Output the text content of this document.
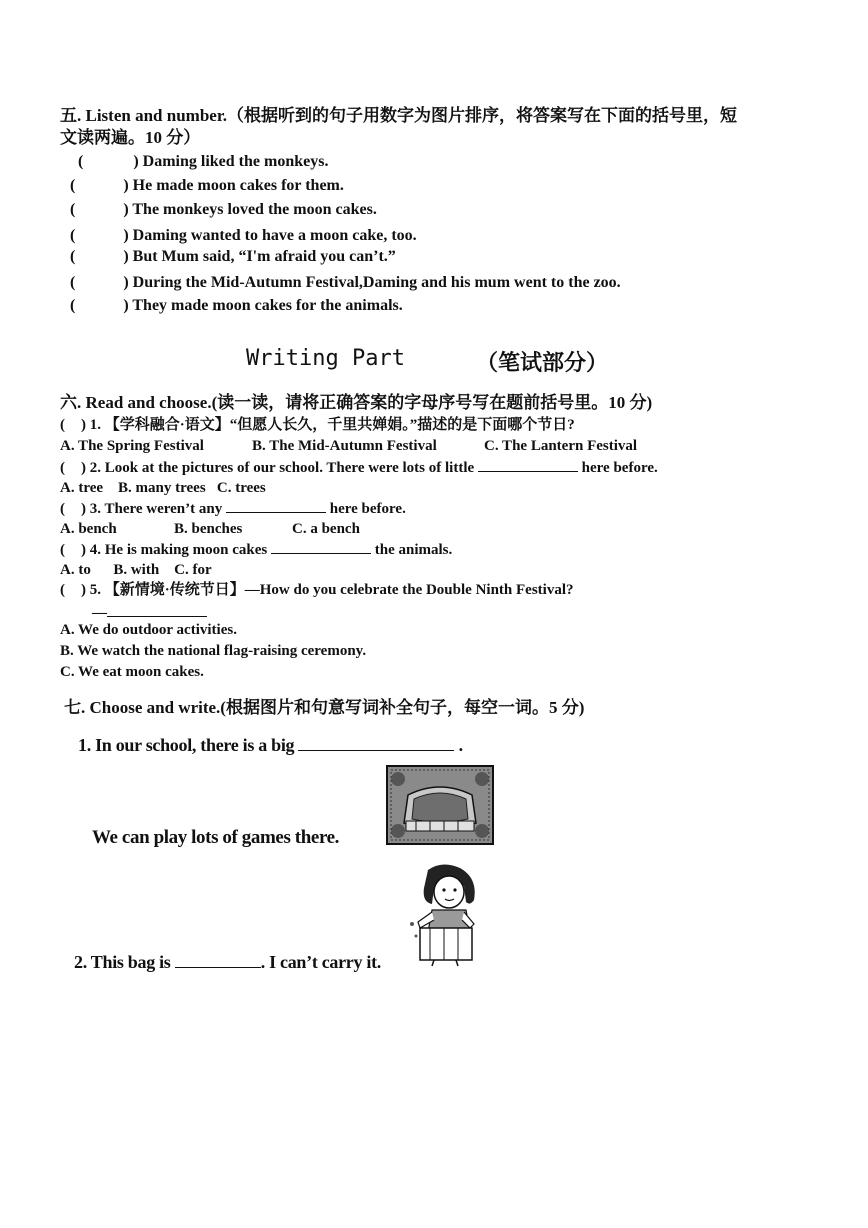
五. Listen and number.（根据听到的句子用数字为图片排序，将答案写在下面的括号里，短
文读两遍。10 分）
(	) Daming liked the monkeys.
(	) He made moon cakes for them.
(	) The monkeys loved the moon cakes.
(	) Daming wanted to have a moon cake, too.
(	) But Mum said, “I'm afraid you can’t.”
(	) During the Mid-Autumn Festival,Daming and his mum went to the zoo.
(	) They made moon cakes for the animals.
Writing Part	（笔试部分）
六. Read and choose.(读一读，请将正确答案的字母序号写在题前括号里。10 分)
( ) 1. 【学科融合·语文】“但愿人长久，千里共婵娟。”描述的是下面哪个节日?
A. The Spring Festival	B. The Mid-Autumn Festival	C. The Lantern Festival
( ) 2. Look at the pictures of our school. There were lots of little	here before.
A. tree    B. many trees   C. trees
( ) 3. There weren’t any	here before.
A. bench	B. benches	C. a bench
( ) 4. He is making moon cakes	the animals.
A. to      B. with    C. for
( ) 5. 【新情境·传统节日】—How do you celebrate the Double Ninth Festival?
—
A. We do outdoor activities.
B. We watch the national flag-raising ceremony.
C. We eat moon cakes.
七. Choose and write.(根据图片和句意写词补全句子，每空一词。5 分)
1. In our school, there is a big	.
We can play lots of games there.
2. This bag is	. I can’t carry it.
